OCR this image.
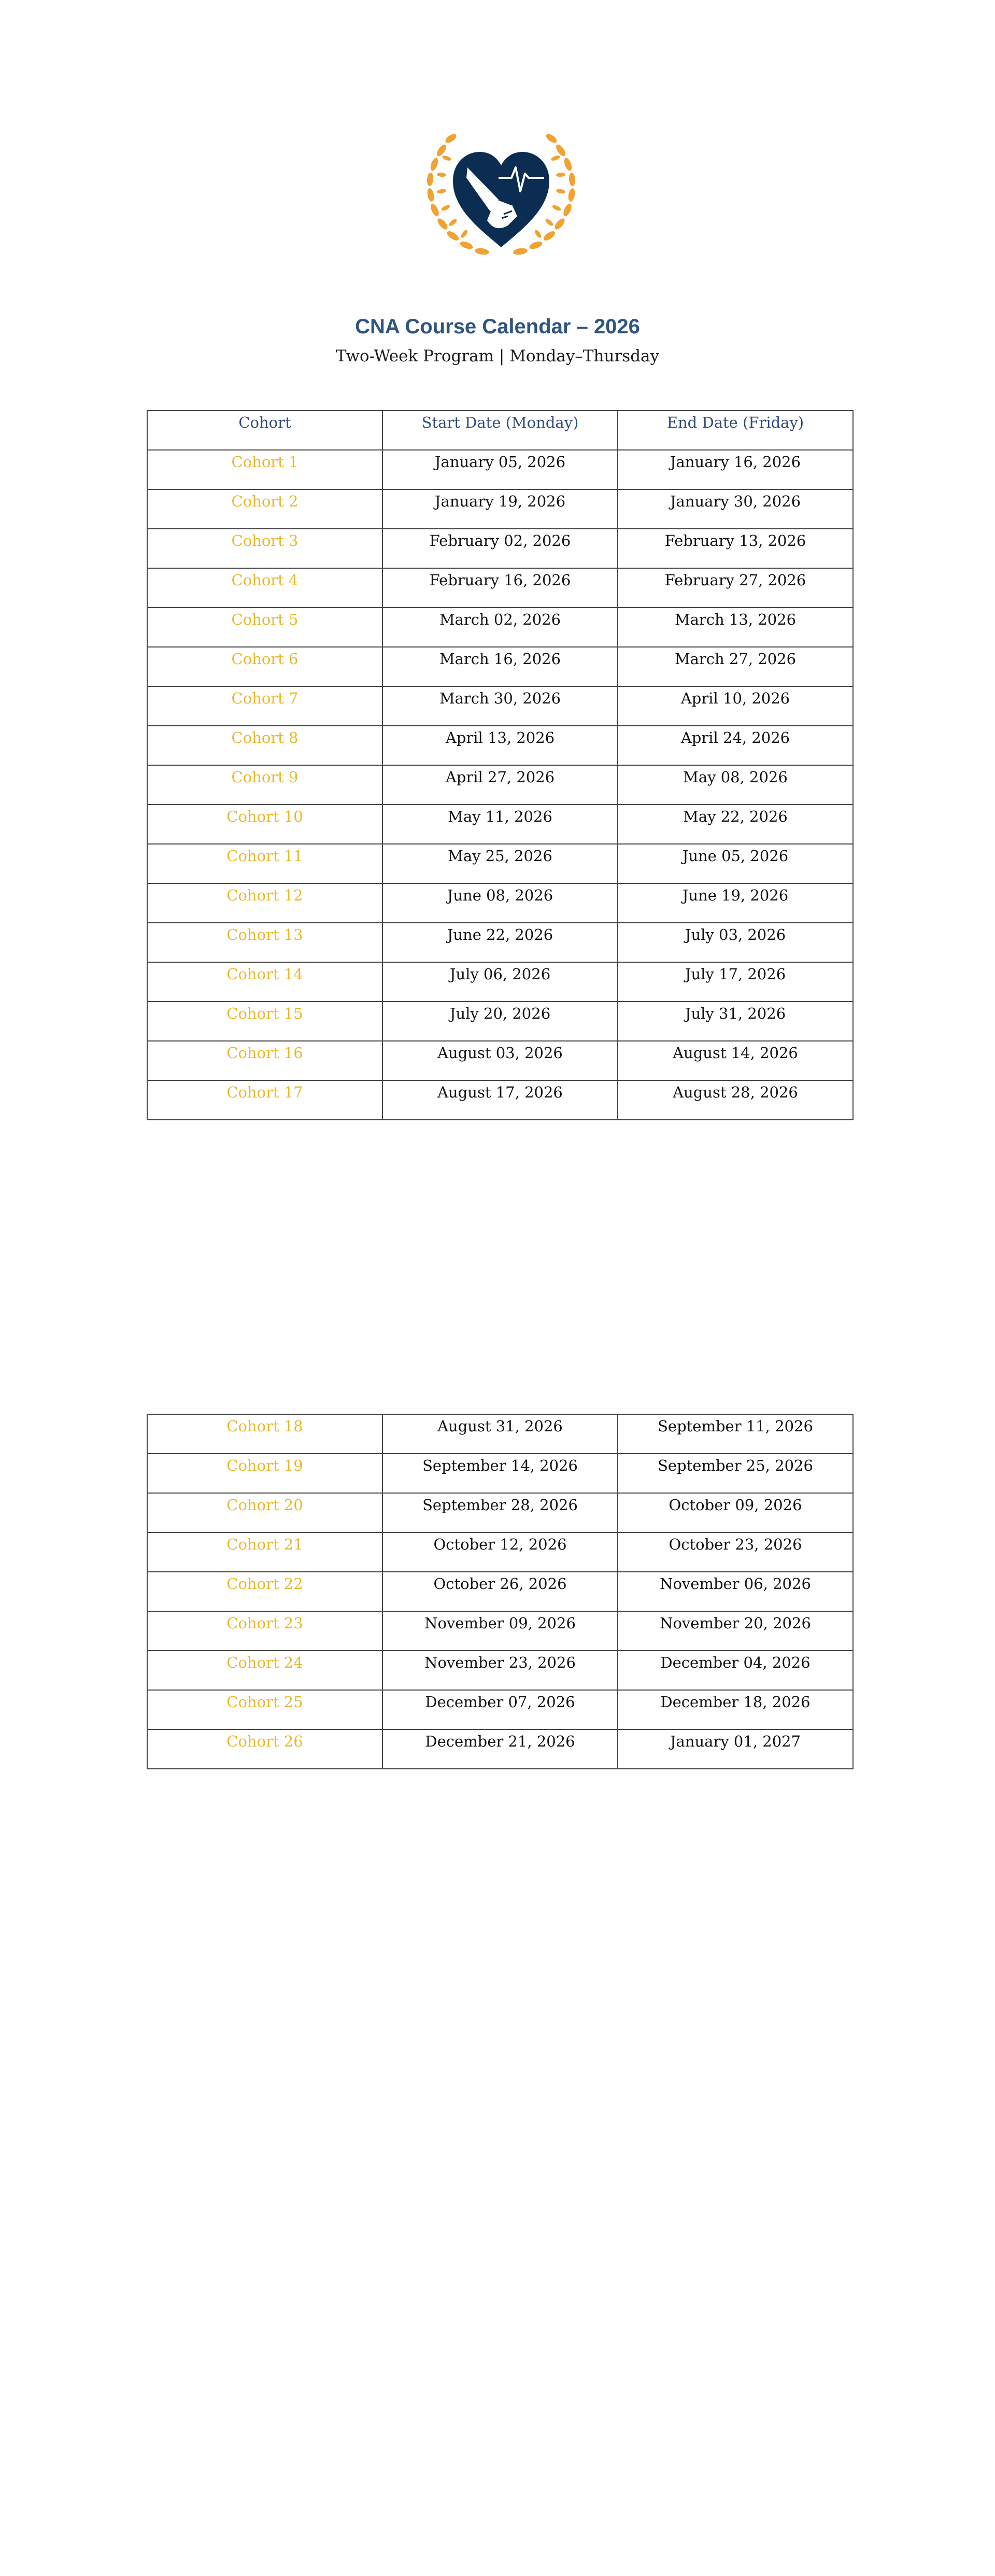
CNA Course Calendar – 2026
Two-Week Program | Monday–Thursday
Cohort	Start Date (Monday)	End Date (Friday)
Cohort 1	January 05, 2026	January 16, 2026
Cohort 2	January 19, 2026	January 30, 2026
Cohort 3	February 02, 2026	February 13, 2026
Cohort 4	February 16, 2026	February 27, 2026
Cohort 5	March 02, 2026	March 13, 2026
Cohort 6	March 16, 2026	March 27, 2026
Cohort 7	March 30, 2026	April 10, 2026
Cohort 8	April 13, 2026	April 24, 2026
Cohort 9	April 27, 2026	May 08, 2026
Cohort 10	May 11, 2026	May 22, 2026
Cohort 11	May 25, 2026	June 05, 2026
Cohort 12	June 08, 2026	June 19, 2026
Cohort 13	June 22, 2026	July 03, 2026
Cohort 14	July 06, 2026	July 17, 2026
Cohort 15	July 20, 2026	July 31, 2026
Cohort 16	August 03, 2026	August 14, 2026
Cohort 17	August 17, 2026	August 28, 2026
Cohort 18	August 31, 2026	September 11, 2026
Cohort 19	September 14, 2026	September 25, 2026
Cohort 20	September 28, 2026	October 09, 2026
Cohort 21	October 12, 2026	October 23, 2026
Cohort 22	October 26, 2026	November 06, 2026
Cohort 23	November 09, 2026	November 20, 2026
Cohort 24	November 23, 2026	December 04, 2026
Cohort 25	December 07, 2026	December 18, 2026
Cohort 26	December 21, 2026	January 01, 2027
